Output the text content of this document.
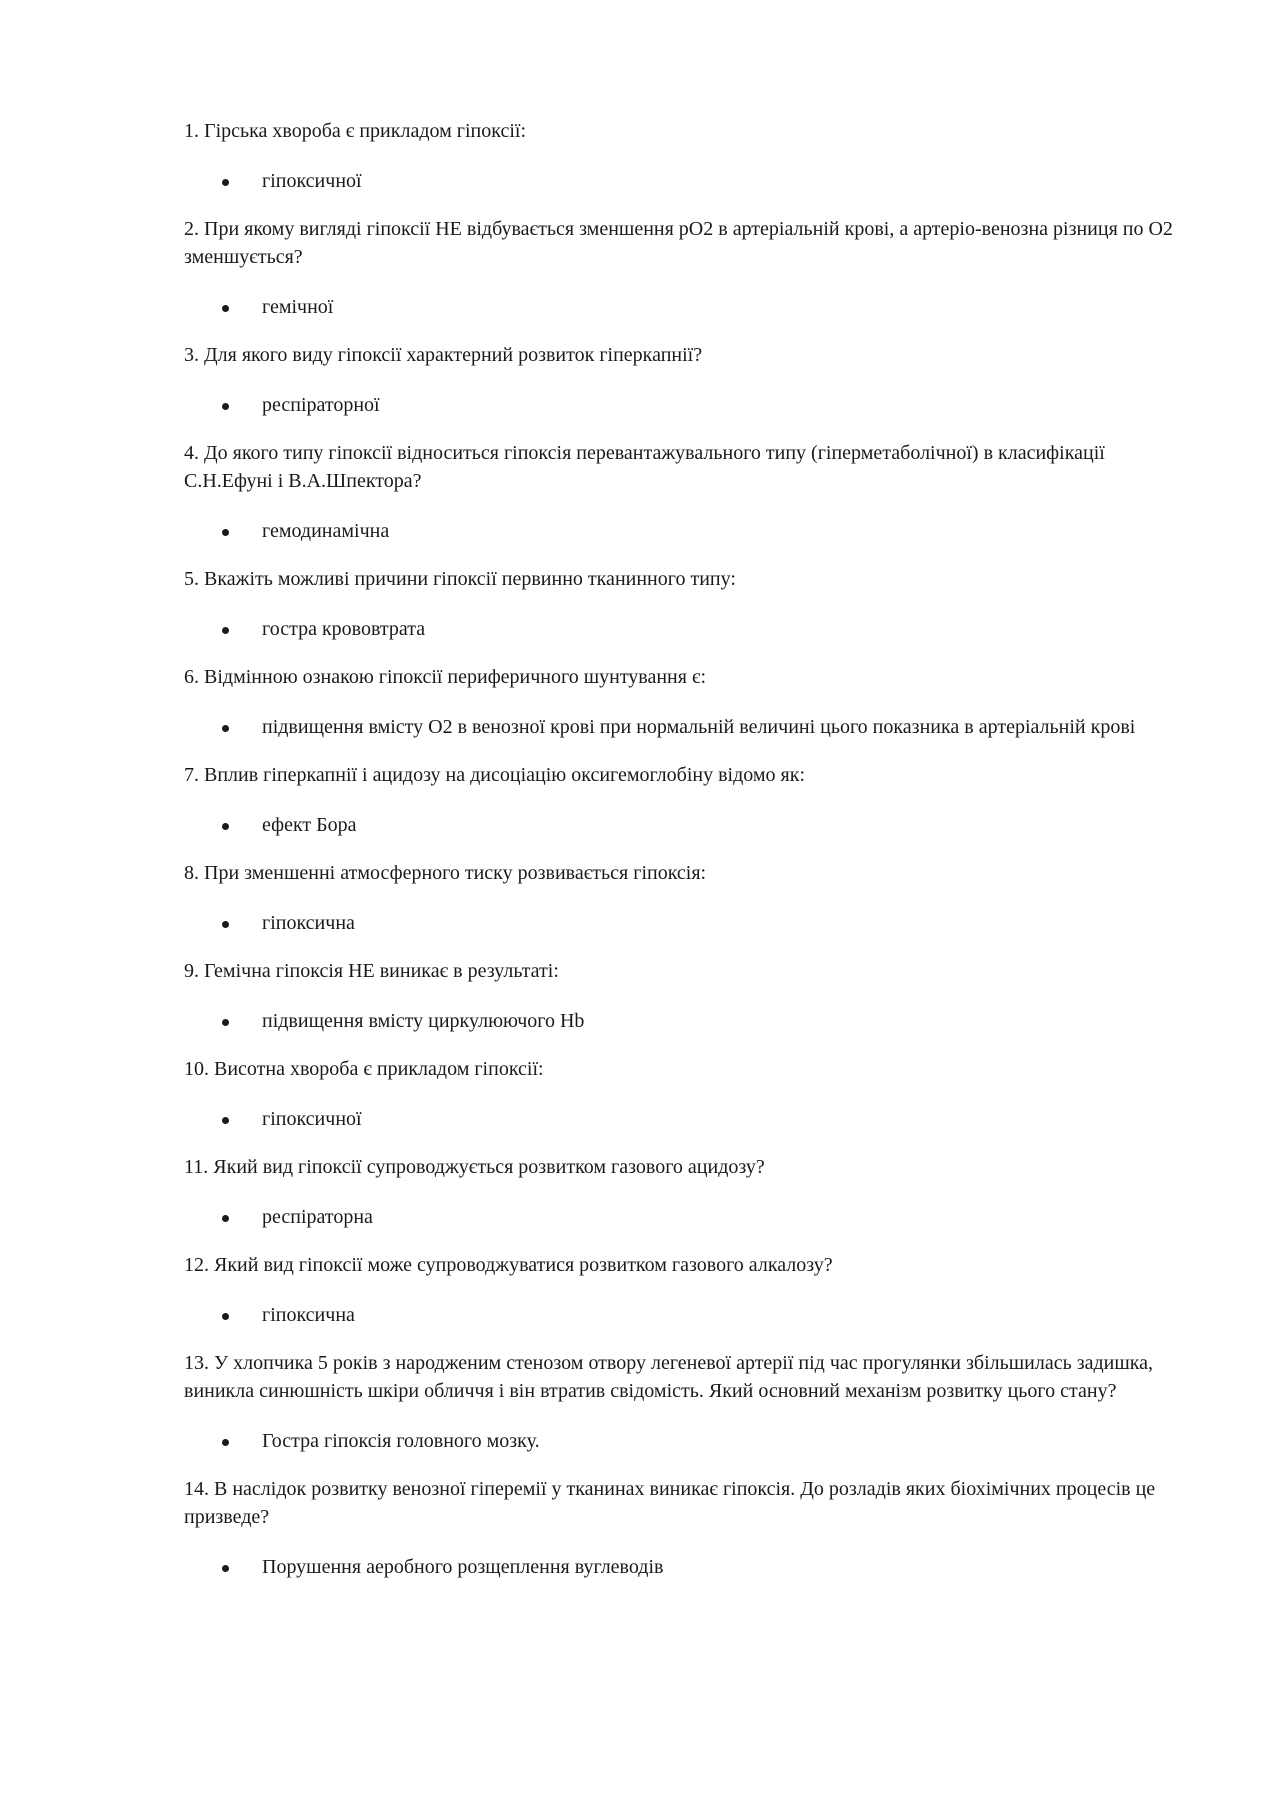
1. Гірська хвороба є прикладом гіпоксії:

гіпоксичної

2. При якому вигляді гіпоксії НЕ відбувається зменшення pO2 в артеріальній крові, а артеріо-венозна різниця по О2 зменшується?

гемічної

3. Для якого виду гіпоксії характерний розвиток гіперкапнії?

респіраторної

4. До якого типу гіпоксії відноситься гіпоксія перевантажувального типу (гіперметаболічної) в класифікації С.Н.Ефуні і В.А.Шпектора?

гемодинамічна

5. Вкажіть можливі причини гіпоксії первинно тканинного типу:

гостра крововтрата

6. Відмінною ознакою гіпоксії периферичного шунтування є:

підвищення вмісту О2 в венозної крові при нормальній величині цього показника в артеріальній крові

7. Вплив гіперкапнії і ацидозу на дисоціацію оксигемоглобіну відомо як:

ефект Бора

8. При зменшенні атмосферного тиску розвивається гіпоксія:

гіпоксична

9. Гемічна гіпоксія НЕ виникає в результаті:

підвищення вмісту циркулюючого Hb

10. Висотна хвороба є прикладом гіпоксії:

гіпоксичної

11. Який вид гіпоксії супроводжується розвитком газового ацидозу?

респіраторна

12. Який вид гіпоксії може супроводжуватися розвитком газового алкалозу?

гіпоксична

13. У хлопчика 5 років з народженим стенозом отвору легеневої артерії під час прогулянки збільшилась задишка, виникла синюшність шкіри обличчя і він втратив свідомість. Який основний механізм розвитку цього стану?

Гостра гіпоксія головного мозку.

14. В наслідок розвитку венозної гіперемії у тканинах виникає гіпоксія. До розладів яких біохімічних процесів це призведе?

Порушення аеробного розщеплення вуглеводів
